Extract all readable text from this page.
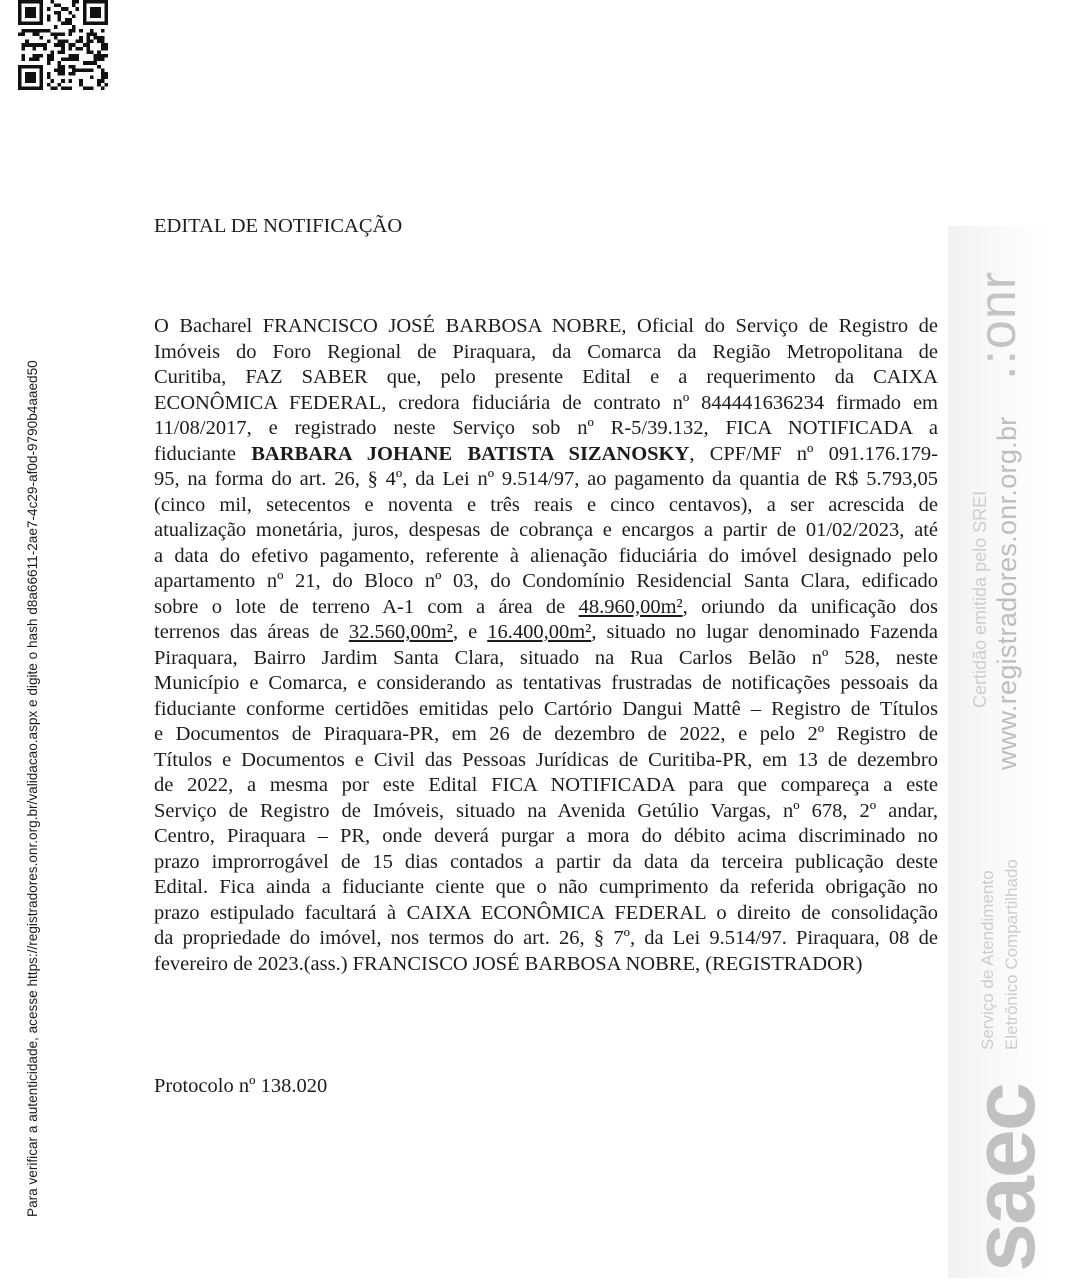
EDITAL DE NOTIFICAÇÃO
O Bacharel FRANCISCO JOSÉ BARBOSA NOBRE, Oficial do Serviço de Registro de
Imóveis do Foro Regional de Piraquara, da Comarca da Região Metropolitana de
Curitiba, FAZ SABER que, pelo presente Edital e a requerimento da CAIXA
ECONÔMICA FEDERAL, credora fiduciária de contrato nº 844441636234 firmado em
11/08/2017, e registrado neste Serviço sob nº R-5/39.132, FICA NOTIFICADA a
fiduciante BARBARA JOHANE BATISTA SIZANOSKY, CPF/MF nº 091.176.179-
95, na forma do art. 26, § 4º, da Lei nº 9.514/97, ao pagamento da quantia de R$ 5.793,05
(cinco mil, setecentos e noventa e três reais e cinco centavos), a ser acrescida de
atualização monetária, juros, despesas de cobrança e encargos a partir de 01/02/2023, até
a data do efetivo pagamento, referente à alienação fiduciária do imóvel designado pelo
apartamento nº 21, do Bloco nº 03, do Condomínio Residencial Santa Clara, edificado
sobre o lote de terreno A-1 com a área de 48.960,00m², oriundo da unificação dos
terrenos das áreas de 32.560,00m², e 16.400,00m², situado no lugar denominado Fazenda
Piraquara, Bairro Jardim Santa Clara, situado na Rua Carlos Belão nº 528, neste
Município e Comarca, e considerando as tentativas frustradas de notificações pessoais da
fiduciante conforme certidões emitidas pelo Cartório Dangui Mattê – Registro de Títulos
e Documentos de Piraquara-PR, em 26 de dezembro de 2022, e pelo 2º Registro de
Títulos e Documentos e Civil das Pessoas Jurídicas de Curitiba-PR, em 13 de dezembro
de 2022, a mesma por este Edital FICA NOTIFICADA para que compareça a este
Serviço de Registro de Imóveis, situado na Avenida Getúlio Vargas, nº 678, 2º andar,
Centro, Piraquara – PR, onde deverá purgar a mora do débito acima discriminado no
prazo improrrogável de 15 dias contados a partir da data da terceira publicação deste
Edital. Fica ainda a fiduciante ciente que o não cumprimento da referida obrigação no
prazo estipulado facultará à CAIXA ECONÔMICA FEDERAL o direito de consolidação
da propriedade do imóvel, nos termos do art. 26, § 7º, da Lei 9.514/97. Piraquara, 08 de
fevereiro de 2023.(ass.) FRANCISCO JOSÉ BARBOSA NOBRE, (REGISTRADOR)

Protocolo nº 138.020

Para verificar a autenticidade, acesse https://registradores.onr.org.br/validacao.aspx e digite o hash d8a66611-2ae7-4c29-af0d-9790b4aaed50
.:onr
www.registradores.onr.org.br
Certidão emitida pelo SREI
Serviço de Atendimento Eletrônico Compartilhado
saec
